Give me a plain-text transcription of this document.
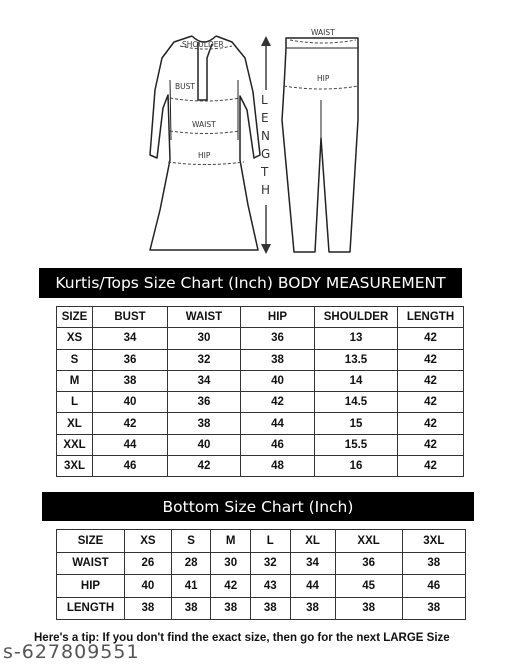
SHOULDER
BUST
WAIST
HIP
L
E
N
G
T
H
WAIST
HIP
Kurtis/Tops Size Chart (Inch) BODY MEASUREMENT
SIZE	BUST	WAIST	HIP	SHOULDER	LENGTH
XS	34	30	36	13	42
S	36	32	38	13.5	42
M	38	34	40	14	42
L	40	36	42	14.5	42
XL	42	38	44	15	42
XXL	44	40	46	15.5	42
3XL	46	42	48	16	42
Bottom Size Chart (Inch)
SIZE	XS	S	M	L	XL	XXL	3XL
WAIST	26	28	30	32	34	36	38
HIP	40	41	42	43	44	45	46
LENGTH	38	38	38	38	38	38	38
Here's a tip: If you don't find the exact size, then go for the next LARGE Size
s-627809551
